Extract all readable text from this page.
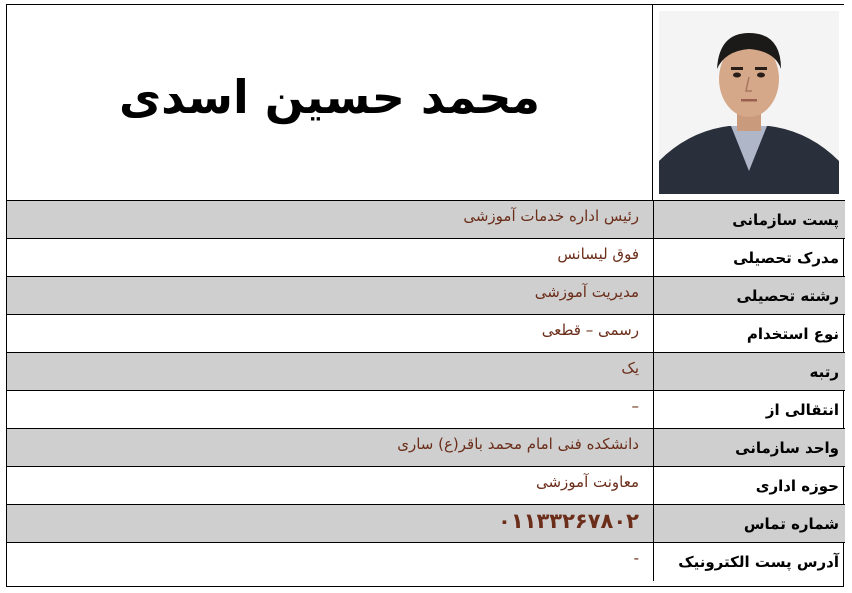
محمد حسین اسدی
پست سازمانی
رئیس اداره خدمات آموزشی
مدرک تحصیلی
فوق لیسانس
رشته تحصیلی
مدیریت آموزشی
نوع استخدام
رسمی – قطعی
رتبه
یک
انتقالی از
–
واحد سازمانی
دانشکده فنی امام محمد باقر(ع) ساری
حوزه اداری
معاونت آموزشی
شماره تماس
۰۱۱۳۳۲۶۷۸۰۲
آدرس پست الکترونیک
-
